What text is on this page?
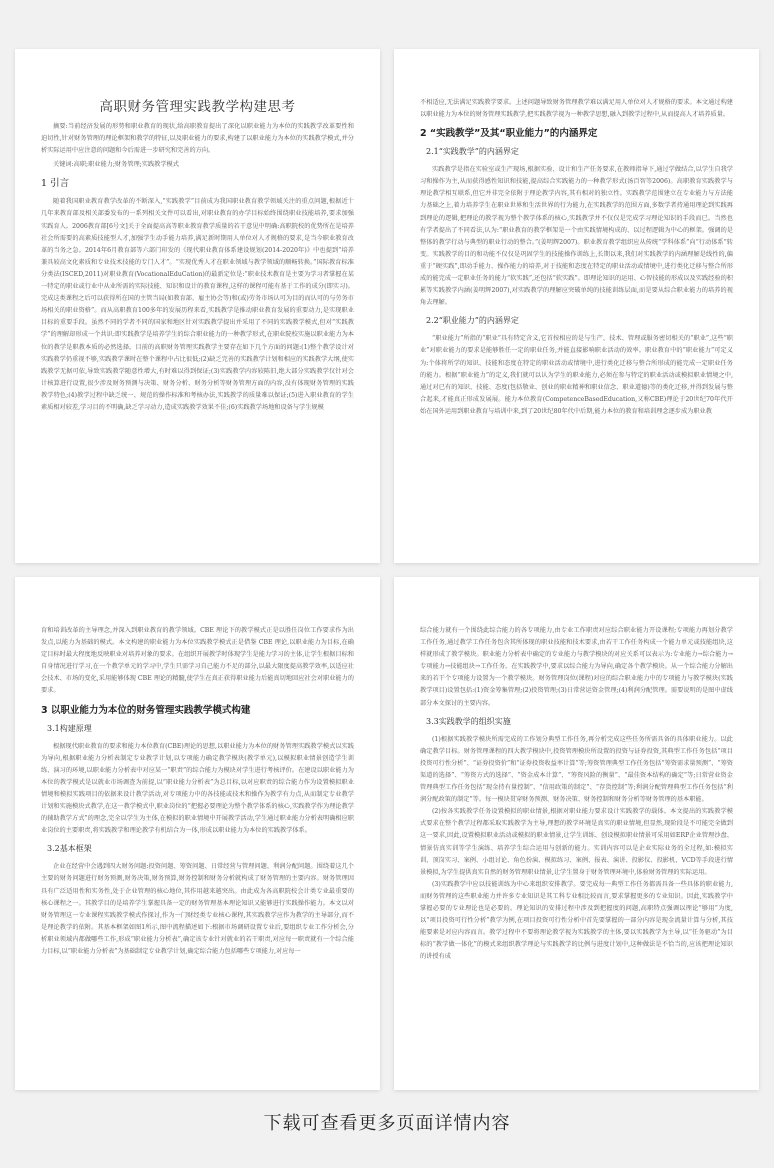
高职财务管理实践教学构建思考

摘要:当前经济发展的形势和职业教育的现状,给高职教育提出了深化以职业能力为本位的实践教学改革要性和迫切性,针对财务管理的理论框架和教学的特征,以及职业能力的要求,构建了以职业能力为本位的实践教学模式,并分析实际运用中应注意的问题和今后需进一步研究和完善的方向。

关键词:高职;职业能力;财务管理;实践教学模式

1 引言

随着我国职业教育教学改革的不断深入,“实践教学”目前成为我国职业教育教学领域关注的重点问题,根据近十几年来教育部及相关部委发布的一系列相关文件可以看出,对职业教育的办学目标始终围绕职业技能培养,要求加强实践育人。2006教育部[6号文]关于全面提高高等职业教育教学质量的若干意见中明确:高职院校的优势所在是培养社会所需要的高素质技能型人才,加强学生动手能力培养,满足新时期用人单位对人才规格的要求,是当今职业教育改革的当务之急。2014年6月教育部等六部门印发的《现代职业教育体系建设规划(2014-2020年)》中也提到“培养兼具较高文化素质和专业技术技能的专门人才”。“实现优秀人才在职业领域与教学领域的顺畅转换。”国际教育标准分类法(ISCED,2011)对职业教育(VocationalEduCation)的最新定位是:“职业技术教育是主要为学习者掌握在某一特定的职业或行业中从业所需的实际技能、知识和设计的教育课程,这样的课程可能有基于工作的成分(即实习)。完成这类课程之后可以获得所在国的主管当局(如教育部、雇主协会等)和(或)劳务市场认可为目的而认可的与劳务市场相关的职业资格”。而从高职教育100多年的发展历程来看,实践教学是推动职业教育发展的重要动力,是实现职业目标的重要手段。虽然不同的学者不同的国家和地区针对实践教学提出并采用了不同的实践教学模式,但对“实践教学”的理解却形成一个共识:即实践教学是培养学生的综合职业能力的一种教学形式,在职业院校实施以职业能力为本位的教学是职教本质的必然选择。目前的高职财务管理实践教学主要存在如下几个方面的问题:(1)整个教学设计对实践教学仍重视不够,实践教学课时在整个课程中占比很低;(2)缺乏完善的实践教学计划和相应的实践教学大纲,使实践教学无据可依,导致实践教学随意性增大,有时难以得到保证;(3)实践教学内容较陈旧,绝大部分实践教学仅针对会计核算进行设置,很少涉及财务预测与决策、财务分析、财务分析等财务管理方面的内容,没有体现财务管理的实践教学特色;(4)教学过程中缺乏统一、规范的操作标准和考核办法,实践教学的质量难以保证;(5)进入职业教育的学生素质相对较差,学习目的不明确,缺乏学习动力,造成实践教学效果不佳;(6)实践教学场地和设备与学生规模

不相适应,无法满足实践教学要求。上述问题导致财务管理教学难以满足用人单位对人才规格的要求。本文通过构建以职业能力为本位的财务管理实践教学,把实践教学视为一种教学思想,融入到教学过程中,从而提高人才培养质量。

2 “实践教学”及其“职业能力”的内涵界定
2.1“实践教学”的内涵界定

实践教学是指在实验室或生产现场,根据实验、设计和生产任务要求,在教师指导下,通过学做结合,以学生自我学习和操作为主,从而获得感性知识和技能,提高综合实践能力的一种教学形式(汤百智等2006)。高职教育实践教学与理论教学相互联系,但它并非完全依附于理论教学内容,其有相对的独立性。实践教学范围建立在专业能力与方法能力基础之上,着力培养学生在职业世界和生活世界的行为能力,在实践教学的范围方面,多数学者持通用理论到实践再到理论的逻辑,把理论的教学视为整个教学体系的核心,实践教学并不仅仅是完成学习理论知识的手段而已。当然也有学者提出了不同看法,认为:“职业教育的教学框架是一个由实践情境构成的、以过程逻辑为中心的框架。强调的是整体的教学行动与典型的职业行动的整合。”(姜明辉2007)。职业教育教学组织应从传统“学科体系”向“行动体系”转变。实践教学的目的和功能不仅仅是巩固学生的技能操作训练上,长期以来,我们对实践教学的内涵理解是线性的,偏重于“硬实践”,即动手能力、操作能力的培养,对于技能和态度在特定的职业活动或情境中,进行类化迁移与整合所形成的能完成一定职业任务的能力“软实践”,还包括“软实践”。即理论知识的运用、心智技能的形成以及实践经验的积累等实践教学内涵(姜明辉2007),对实践教学的理解应突破单纯的技能训练层面,而是要从综合职业能力的培养的视角去理解。

2.2“职业能力”的内涵界定

“职业能力”所指的“职业”具有特定含义,它首按相应的是与生产、技术、管理或服务密切相关的“职业”,这些“职业”对职业能力的要求是能够胜任一定的职业任务,并能直接影响职业活动的效率。职业教育中的“职业能力”可定义为:个体将所学的知识、技能和态度在特定的职业活动或情境中,进行类化迁移与整合所形成的能完成一定职业任务的能力。根据“职业能力”的定义,我们就可以认为学生的职业能力,必须在参与特定的职业活动或模拟职业情境之中,通过对已有的知识、技能、态度(包括敬业、创业的职业精神和职业信念、职业道德)等的类化迁移,并得到发展与整合起来,才能真正形成发展展。能力本位教育(CompetenceBasedEducation,又称CBE)理论于20世纪70年代开始在国外运用到职业教育与培训中来,到了20世纪80年代中后期,能力本位的教育和培训理念逐步成为职业教

育和培训改革的主导理念,并深入到职业教育的教学领域。CBE 理论下的教学模式正是以胜任岗位工作要求作为出发点,以能力为基础的模式。本文构建的职业能力为本位实践教学模式正是借鉴 CBE 理论,以职业能力为目标,在确定目标时最大程度地反映职业对培养对象的要求。在组织开展教学时体现学生是能力学习的主体,让学生根据目标和自身情况进行学习,在一个教学单元的学习中,学生只需学习自己能力不足的部分,以最大限度提高教学效率,以适应社会技术、市场的变化,采用能够体现 CBE 理论的精髓,使学生在真正获得职业能力后能真切地回应社会对职业能力的要求。

3 以职业能力为本位的财务管理实践教学模式构建
3.1构建原理

根据现代职业教育的要求和能力本位教育(CBE)理论的思想,以职业能力为本位的财务管理实践教学模式以实践为导向,根据职业能力分析表制定专业教学计划,以专项能力确定教学模块(教学单元),以模拟职业情景创造学生训练、演习的环境,以职业能力分析表中对应某一“职责”的综合能力为模块对学生进行考核评价。在建设以职业能力为本位的教学模式是以就业市场调查为前提,以“职业能力分析表”为总目标,以对应职责的综合能力作为设置模拟职业情境和模拟实践项目的依据来设计教学活动,对专项能力中的各技能或技术和操作为教学有力点,从而制定专业教学计划和实施模块式教学,在这一教学模式中,职业岗位的“把握必要理论为整个教学体系的核心,实践教学作为理论教学的辅助教学方式”的理念,完全以学生为主体,在模拟的职业情境中开展教学活动,学生通过职业能力分析表明确相应职业岗位的主要职责,将实践教学和理论教学有机结合为一体,形成以职业能力为本位的实践教学体系。

3.2基本框架

企业在经营中会遇到四大财务问题:投资问题、筹资问题、日常经营与管理问题、利润分配问题。围绕着这几个主要的财务问题进行财务预测,财务决策,财务预算,财务控制和财务分析就构成了财务管理的主要内容。财务管理因具有广泛适用性和实务性,处于企业管理的核心地位,其作用越来越突出。由此成为各高职院校会计类专业最重要的核心课程之一。其教学目的是培养学生掌握具备一定的财务管理基本理论知识又能够进行实践操作能力。本文以对财务管理这一专业课程实践教学模式作探讨,作为一门财经类专业核心课程,其实践教学应作为教学的主导部分,而不是理论教学的依附。其基本框架如图1所示,图中流程描述如下:根据市场调研设置专业后,要组织专业工作分析会,分析职业领域内都做哪些工作,形成“职业能力分析表”,确定该专业针对就业的若干职责,对应每一职责就有一个综合能力目标,以“职业能力分析表”为基础制定专业教学计划,确定综合能力包括哪些专项能力,对应每一

综合能力就有一个围绕此综合能力的各专项能力,由专业工作职责对应综合职业能力开设课程;专项能力再划分教学工作任务,通过教学工作任务包含其所体现的职业技能和技术要求,由若干工作任务构成一个能力单元或技能组块,这样就形成了教学模块。职业能力分析表中确定的专业能力与教学模块的对应关系可以表示为:专业能力→综合能力→专项能力→技能组块→工作任务。在实践教学中,要求以综合能力为导向,确定各个教学模块。从一个综合能力分解出来的若干个专项能力设置为一个教学模块。财务管理岗位(课程)对应的综合职业能力中的专项能力与教学模块(实践教学项目)设置包括:(1)资金筹集管理;(2)投资管理;(3)日常营运资金管理;(4)利润分配管理。需要说明的是图中虚线部分本文探讨的主要内容。

3.3实践教学的组织实施

(1)根据实践教学模块所需完成的工作划分典型工作任务,再分析完成这些任务所需具备的具体职业能力。以此确定教学目标。财务管理课程的四大教学模块中,投资管理模块所设置的投资与证券投资,其典型工作任务包括“项目投资可行性分析”、“证券投资价”和“证券投资收益率计算”等;筹资管理典型工作任务包括“筹资需求量预测”、“筹资渠道的选择”、“筹资方式的选择”、“资金成本计算”、“筹资风险的衡量”、“最佳资本结构的确定”等;日常营业资金管理典型工作任务包括“现金持有量控制”、“信用政策的制定”、“存货控制”等;利润分配管理典型工作任务包括“利润分配政策的制定”等。每一模块贯穿财务预测、财务决策、财务控制和财务分析等财务管理的基本职能。

(2)按各实践教学任务设置模拟的职业情景,根据对职业能力要求设计实践教学的载体。本文提出的实践教学模式要求在整个教学过程都采取实践教学为主导,理想的教学环境是真实的职业情境,但显然,现阶段是不可能完全做到这一要求,因此,设置模拟职业活动或模拟的职业情景,让学生训练、创设模拟职业情景可采用如ERP企业管理沙盘、情景仿真实训等学生演练、培养学生综合运用与创新的能力。实训内容可以是企业实际业务的全过程,如:模拟实训、顶岗实习、案例、小组讨论、角色扮演、模拟练习、案例、报表、演讲、投影仪、投影机、VCD等手段进行情景模拟,为学生提供真实自然的财务管理职业情景,让学生置身于财务管理环境中,体验财务管理的实际运用。

(3)实践教学中应以技能训练为中心来组织安排教学。要完成每一典型工作任务都需具备一些具体的职业能力,而财务管理的这些职业能力并许多专业知识是其工科专业相比较而言,要求掌握更多的专业知识。因此,实践教学中掌握必要的专业理论也是必要的。理论知识的安排过程中涉及到把握度的问题,高职特点强调以理论“够用”为度,以“项目投资可行性分析”教学为例,在项目投资可行性分析中首先要掌握的一部分内容是现金流量计算与分析,其技能要素是对应内容而言。教学过程中不要将理论教学视为实践教学的主体,要以实践教学为主导,以“任务驱动”为目标的“教学做一体化”的模式来组织教学理论与实践教学的比例与进度计划中,这种做法是不恰当的,应该把理论知识的讲授有成

下载可查看更多页面详情内容
